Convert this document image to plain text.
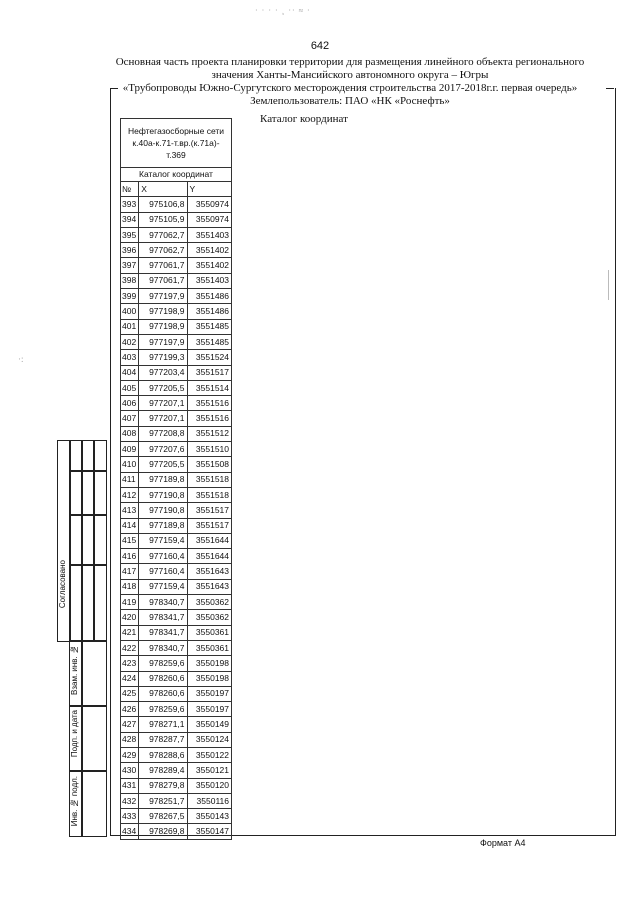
· · · · ¸ ·· ≈ ·
642
Основная часть проекта планировки территории для размещения линейного объекта регионального
значения Ханты-Мансийского автономного округа – Югры
«Трубопроводы Южно-Сургутского месторождения строительства 2017-2018г.г. первая очередь»
Землепользователь: ПАО «НК «Роснефть»
Каталог координат
Нефтегазосборные сети к.40а-к.71-т.вр.(к.71а)-т.369		
Каталог координат		
№	X	Y
393	975106,8	3550974
394	975105,9	3550974
395	977062,7	3551403
396	977062,7	3551402
397	977061,7	3551402
398	977061,7	3551403
399	977197,9	3551486
400	977198,9	3551486
401	977198,9	3551485
402	977197,9	3551485
403	977199,3	3551524
404	977203,4	3551517
405	977205,5	3551514
406	977207,1	3551516
407	977207,1	3551516
408	977208,8	3551512
409	977207,6	3551510
410	977205,5	3551508
411	977189,8	3551518
412	977190,8	3551518
413	977190,8	3551517
414	977189,8	3551517
415	977159,4	3551644
416	977160,4	3551644
417	977160,4	3551643
418	977159,4	3551643
419	978340,7	3550362
420	978341,7	3550362
421	978341,7	3550361
422	978340,7	3550361
423	978259,6	3550198
424	978260,6	3550198
425	978260,6	3550197
426	978259,6	3550197
427	978271,1	3550149
428	978287,7	3550124
429	978288,6	3550122
430	978289,4	3550121
431	978279,8	3550120
432	978251,7	3550116
433	978267,5	3550143
434	978269,8	3550147
Согласовано
Взам. инв. №
Подп. и дата
Инв. № подл.
·:
Формат А4
